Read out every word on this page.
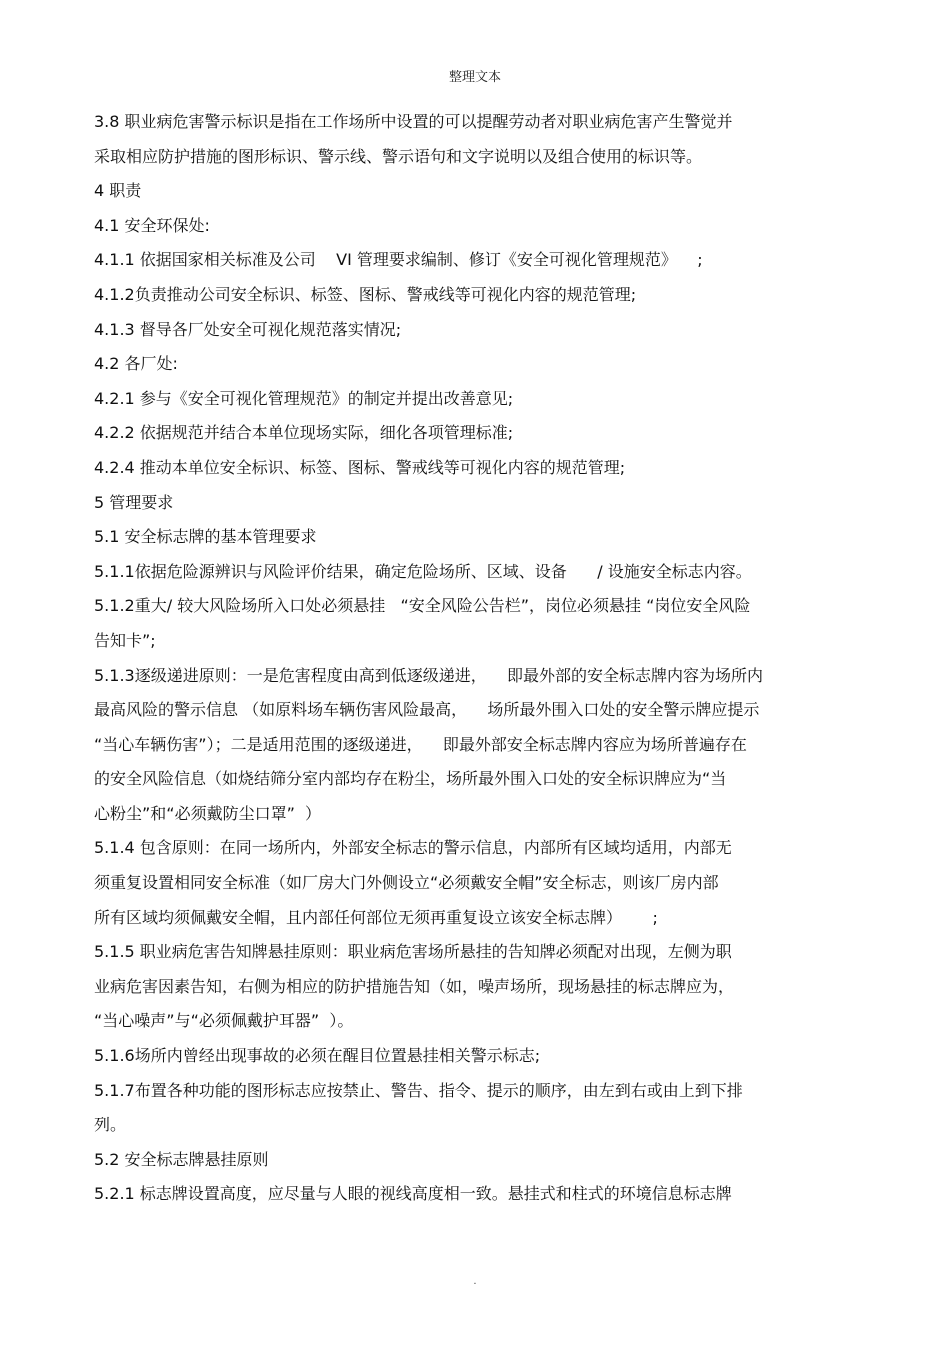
整理文本
3.8 职业病危害警示标识是指在工作场所中设置的可以提醒劳动者对职业病危害产生警觉并
采取相应防护措施的图形标识、警示线、警示语句和文字说明以及组合使用的标识等。
4 职责
4.1 安全环保处:
4.1.1 依据国家相关标准及公司    VI 管理要求编制、修订《安全可视化管理规范》    ;
4.1.2负责推动公司安全标识、标签、图标、警戒线等可视化内容的规范管理;
4.1.3 督导各厂处安全可视化规范落实情况;
4.2 各厂处:
4.2.1 参与《安全可视化管理规范》的制定并提出改善意见;
4.2.2 依据规范并结合本单位现场实际，细化各项管理标准;
4.2.4 推动本单位安全标识、标签、图标、警戒线等可视化内容的规范管理;
5 管理要求
5.1 安全标志牌的基本管理要求
5.1.1依据危险源辨识与风险评价结果，确定危险场所、区域、设备      / 设施安全标志内容。
5.1.2重大/ 较大风险场所入口处必须悬挂   “安全风险公告栏”，岗位必须悬挂 “岗位安全风险
告知卡”;
5.1.3逐级递进原则：一是危害程度由高到低逐级递进，    即最外部的安全标志牌内容为场所内
最高风险的警示信息 （如原料场车辆伤害风险最高，    场所最外围入口处的安全警示牌应提示
“当心车辆伤害”）；二是适用范围的逐级递进，    即最外部安全标志牌内容应为场所普遍存在
的安全风险信息（如烧结筛分室内部均存在粉尘，场所最外围入口处的安全标识牌应为“当
心粉尘”和“必须戴防尘口罩”  ）
5.1.4 包含原则：在同一场所内，外部安全标志的警示信息，内部所有区域均适用，内部无
须重复设置相同安全标准（如厂房大门外侧设立“必须戴安全帽”安全标志，则该厂房内部
所有区域均须佩戴安全帽，且内部任何部位无须再重复设立该安全标志牌）      ;
5.1.5 职业病危害告知牌悬挂原则：职业病危害场所悬挂的告知牌必须配对出现，左侧为职
业病危害因素告知，右侧为相应的防护措施告知（如，噪声场所，现场悬挂的标志牌应为，
“当心噪声”与“必须佩戴护耳器”  ）。
5.1.6场所内曾经出现事故的必须在醒目位置悬挂相关警示标志;
5.1.7布置各种功能的图形标志应按禁止、警告、指令、提示的顺序，由左到右或由上到下排
列。
5.2 安全标志牌悬挂原则
5.2.1 标志牌设置高度，应尽量与人眼的视线高度相一致。悬挂式和柱式的环境信息标志牌
.
